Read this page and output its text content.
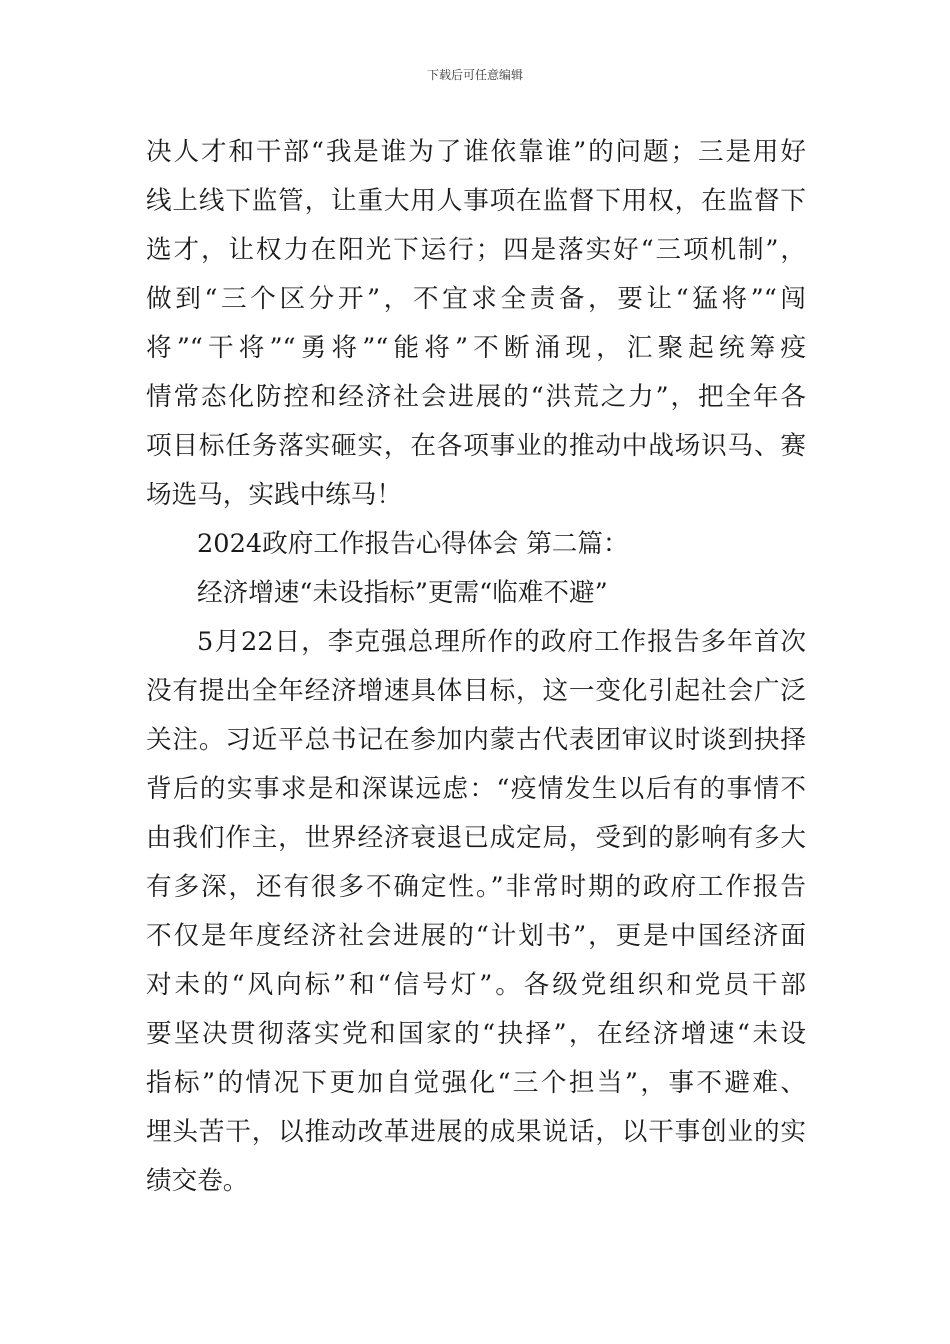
下载后可任意编辑
决人才和干部“我是谁为了谁依靠谁”的问题；三是用好
线上线下监管，让重大用人事项在监督下用权，在监督下
选才，让权力在阳光下运行；四是落实好“三项机制”，
做到“三个区分开”，不宜求全责备，要让“猛将”“闯
将”“干将”“勇将”“能将”不断涌现，汇聚起统筹疫
情常态化防控和经济社会进展的“洪荒之力”，把全年各
项目标任务落实砸实，在各项事业的推动中战场识马、赛
场选马，实践中练马！
2024政府工作报告心得体会 第二篇：
经济增速“未设指标”更需“临难不避”
5月22日，李克强总理所作的政府工作报告多年首次
没有提出全年经济增速具体目标，这一变化引起社会广泛
关注。习近平总书记在参加内蒙古代表团审议时谈到抉择
背后的实事求是和深谋远虑：“疫情发生以后有的事情不
由我们作主，世界经济衰退已成定局，受到的影响有多大
有多深，还有很多不确定性。”非常时期的政府工作报告
不仅是年度经济社会进展的“计划书”，更是中国经济面
对未的“风向标”和“信号灯”。各级党组织和党员干部
要坚决贯彻落实党和国家的“抉择”，在经济增速“未设
指标”的情况下更加自觉强化“三个担当”，事不避难、
埋头苦干，以推动改革进展的成果说话，以干事创业的实
绩交卷。
